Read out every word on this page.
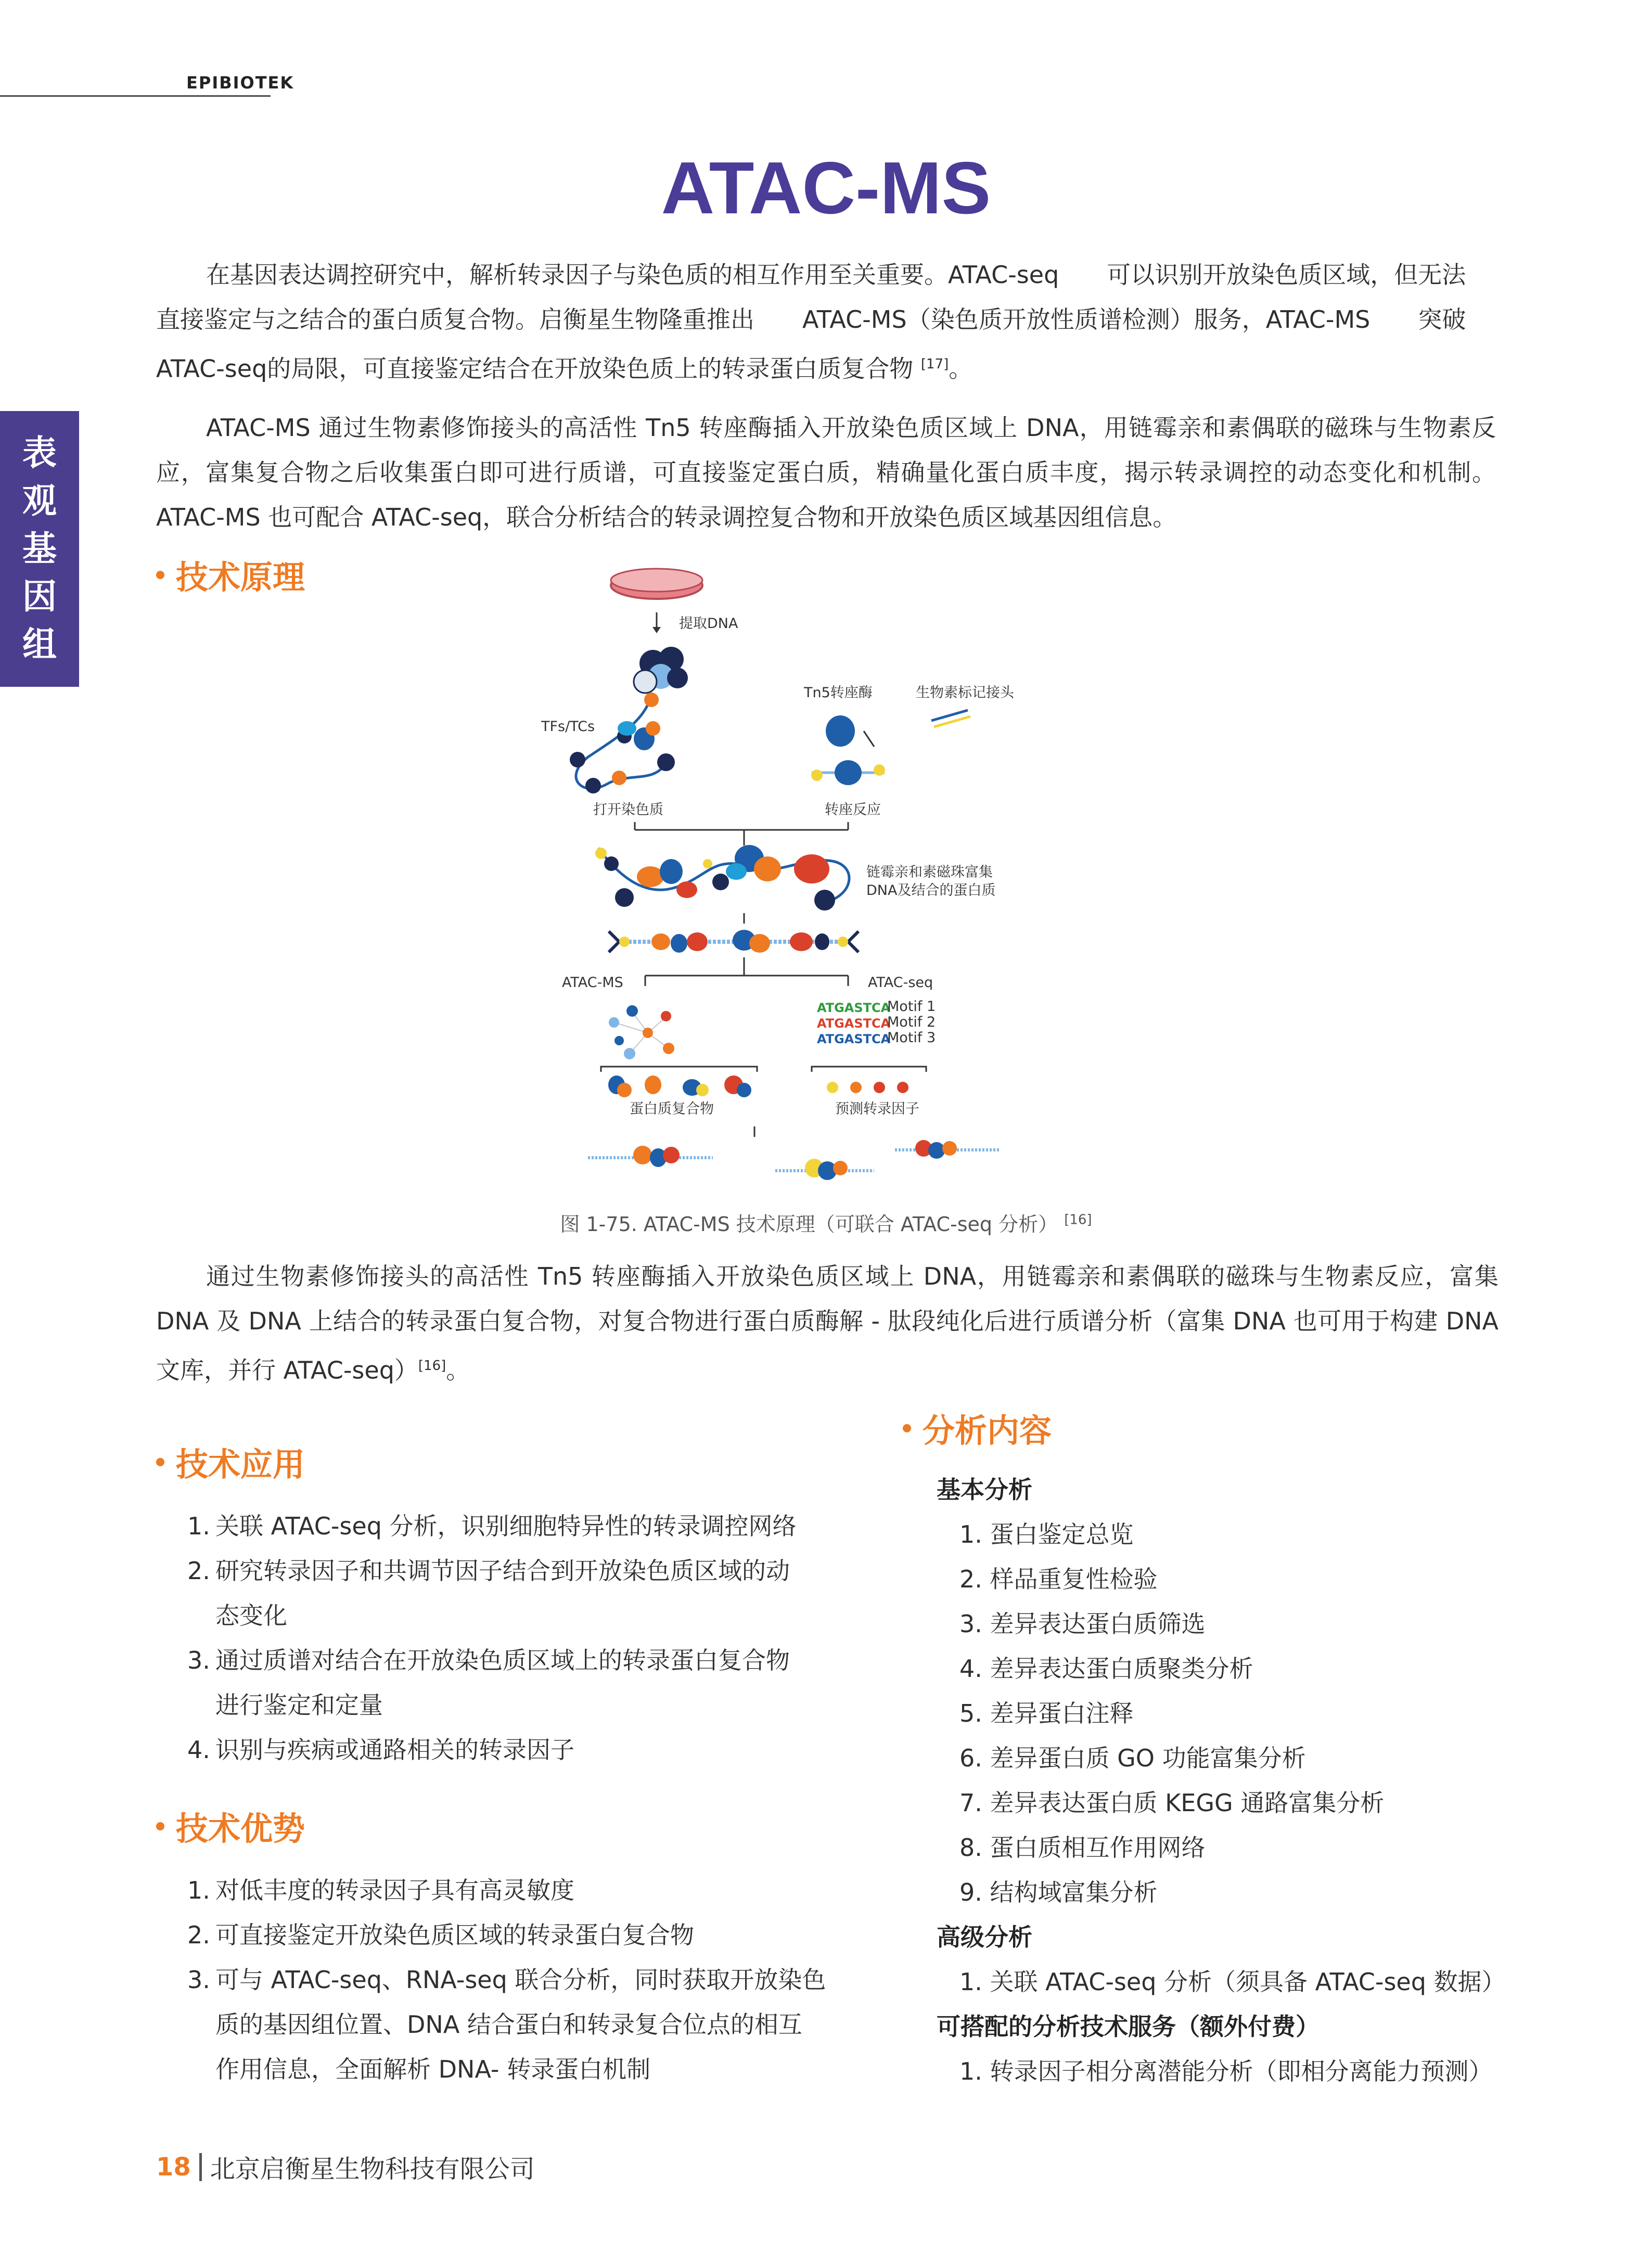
EPIBIOTEK
表
观
基
因
组
ATAC-MS

在基因表达调控研究中，解析转录因子与染色质的相互作用至关重要。ATAC-seq　　可以识别开放染色质区域，但无法

直接鉴定与之结合的蛋白质复合物。启衡星生物隆重推出　　ATAC-MS（染色质开放性质谱检测）服务，ATAC-MS　　突破

ATAC-seq的局限，可直接鉴定结合在开放染色质上的转录蛋白质复合物 [17]。

ATAC-MS 通过生物素修饰接头的高活性 Tn5 转座酶插入开放染色质区域上 DNA，用链霉亲和素偶联的磁珠与生物素反应，富集复合物之后收集蛋白即可进行质谱，可直接鉴定蛋白质，精确量化蛋白质丰度，揭示转录调控的动态变化和机制。ATAC-MS 也可配合 ATAC-seq，联合分析结合的转录调控复合物和开放染色质区域基因组信息。

技术原理
提取DNA
TFs/TCs
打开染色质
Tn5转座酶	生物素标记接头
转座反应
链霉亲和素磁珠富集
DNA及结合的蛋白质
ATAC-MS	ATAC-seq
ATGASTCA
ATGASTCA
ATGASTCA
Motif 1
Motif 2
Motif 3
蛋白质复合物	预测转录因子
图 1-75. ATAC-MS 技术原理（可联合 ATAC-seq 分析） [16]

通过生物素修饰接头的高活性 Tn5 转座酶插入开放染色质区域上 DNA，用链霉亲和素偶联的磁珠与生物素反应，富集 DNA 及 DNA 上结合的转录蛋白复合物，对复合物进行蛋白质酶解 - 肽段纯化后进行质谱分析（富集 DNA 也可用于构建 DNA 文库，并行 ATAC-seq）[16]。

技术应用
1. 关联 ATAC-seq 分析，识别细胞特异性的转录调控网络
2. 研究转录因子和共调节因子结合到开放染色质区域的动
态变化
3. 通过质谱对结合在开放染色质区域上的转录蛋白复合物
进行鉴定和定量
4. 识别与疾病或通路相关的转录因子
技术优势
1. 对低丰度的转录因子具有高灵敏度
2. 可直接鉴定开放染色质区域的转录蛋白复合物
3. 可与 ATAC-seq、RNA-seq 联合分析，同时获取开放染色
质的基因组位置、DNA 结合蛋白和转录复合位点的相互
作用信息，全面解析 DNA- 转录蛋白机制
分析内容
基本分析
1. 蛋白鉴定总览
2. 样品重复性检验
3. 差异表达蛋白质筛选
4. 差异表达蛋白质聚类分析
5. 差异蛋白注释
6. 差异蛋白质 GO 功能富集分析
7. 差异表达蛋白质 KEGG 通路富集分析
8. 蛋白质相互作用网络
9. 结构域富集分析
高级分析
1. 关联 ATAC-seq 分析（须具备 ATAC-seq 数据）
可搭配的分析技术服务（额外付费）
1. 转录因子相分离潜能分析（即相分离能力预测）
18 北京启衡星生物科技有限公司
